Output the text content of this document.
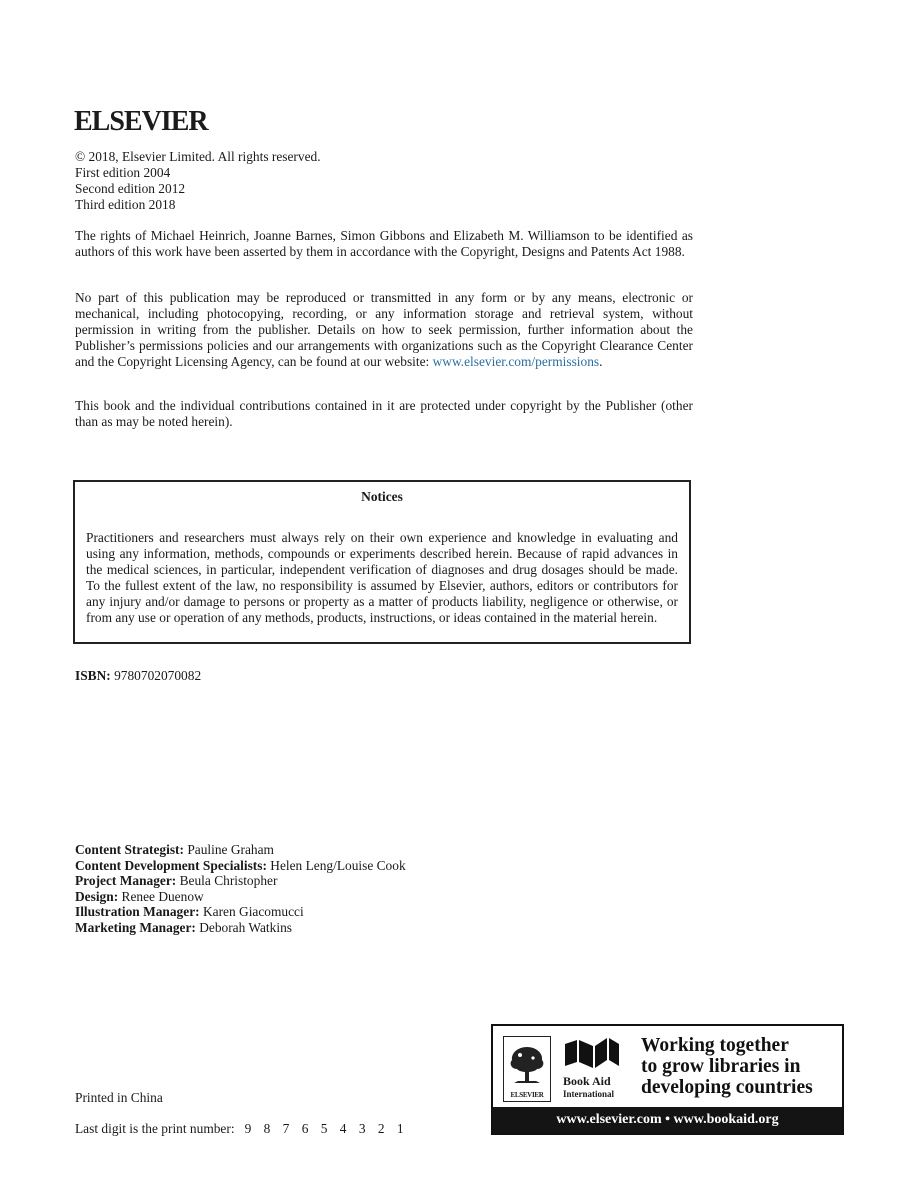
ELSEVIER
© 2018, Elsevier Limited. All rights reserved.
First edition 2004
Second edition 2012
Third edition 2018
The rights of Michael Heinrich, Joanne Barnes, Simon Gibbons and Elizabeth M. Williamson to be identified as authors of this work have been asserted by them in accordance with the Copyright, Designs and Patents Act 1988.
No part of this publication may be reproduced or transmitted in any form or by any means, electronic or mechanical, including photocopying, recording, or any information storage and retrieval system, without permission in writing from the publisher. Details on how to seek permission, further information about the Publisher’s permissions policies and our arrangements with organizations such as the Copyright Clearance Center and the Copyright Licensing Agency, can be found at our website: www.elsevier.com/permissions.
This book and the individual contributions contained in it are protected under copyright by the Publisher (other than as may be noted herein).
Notices
Practitioners and researchers must always rely on their own experience and knowledge in evaluating and using any information, methods, compounds or experiments described herein. Because of rapid advances in the medical sciences, in particular, independent verification of diagnoses and drug dosages should be made. To the fullest extent of the law, no responsibility is assumed by Elsevier, authors, editors or contributors for any injury and/or damage to persons or property as a matter of products liability, negligence or otherwise, or from any use or operation of any methods, products, instructions, or ideas contained in the material herein.
ISBN: 9780702070082
Content Strategist: Pauline Graham
Content Development Specialists: Helen Leng/Louise Cook
Project Manager: Beula Christopher
Design: Renee Duenow
Illustration Manager: Karen Giacomucci
Marketing Manager: Deborah Watkins
Printed in China
Last digit is the print number: 9 8 7 6 5 4 3 2 1
ELSEVIER
Book Aid
International
Working together
to grow libraries in
developing countries
www.elsevier.com • www.bookaid.org
